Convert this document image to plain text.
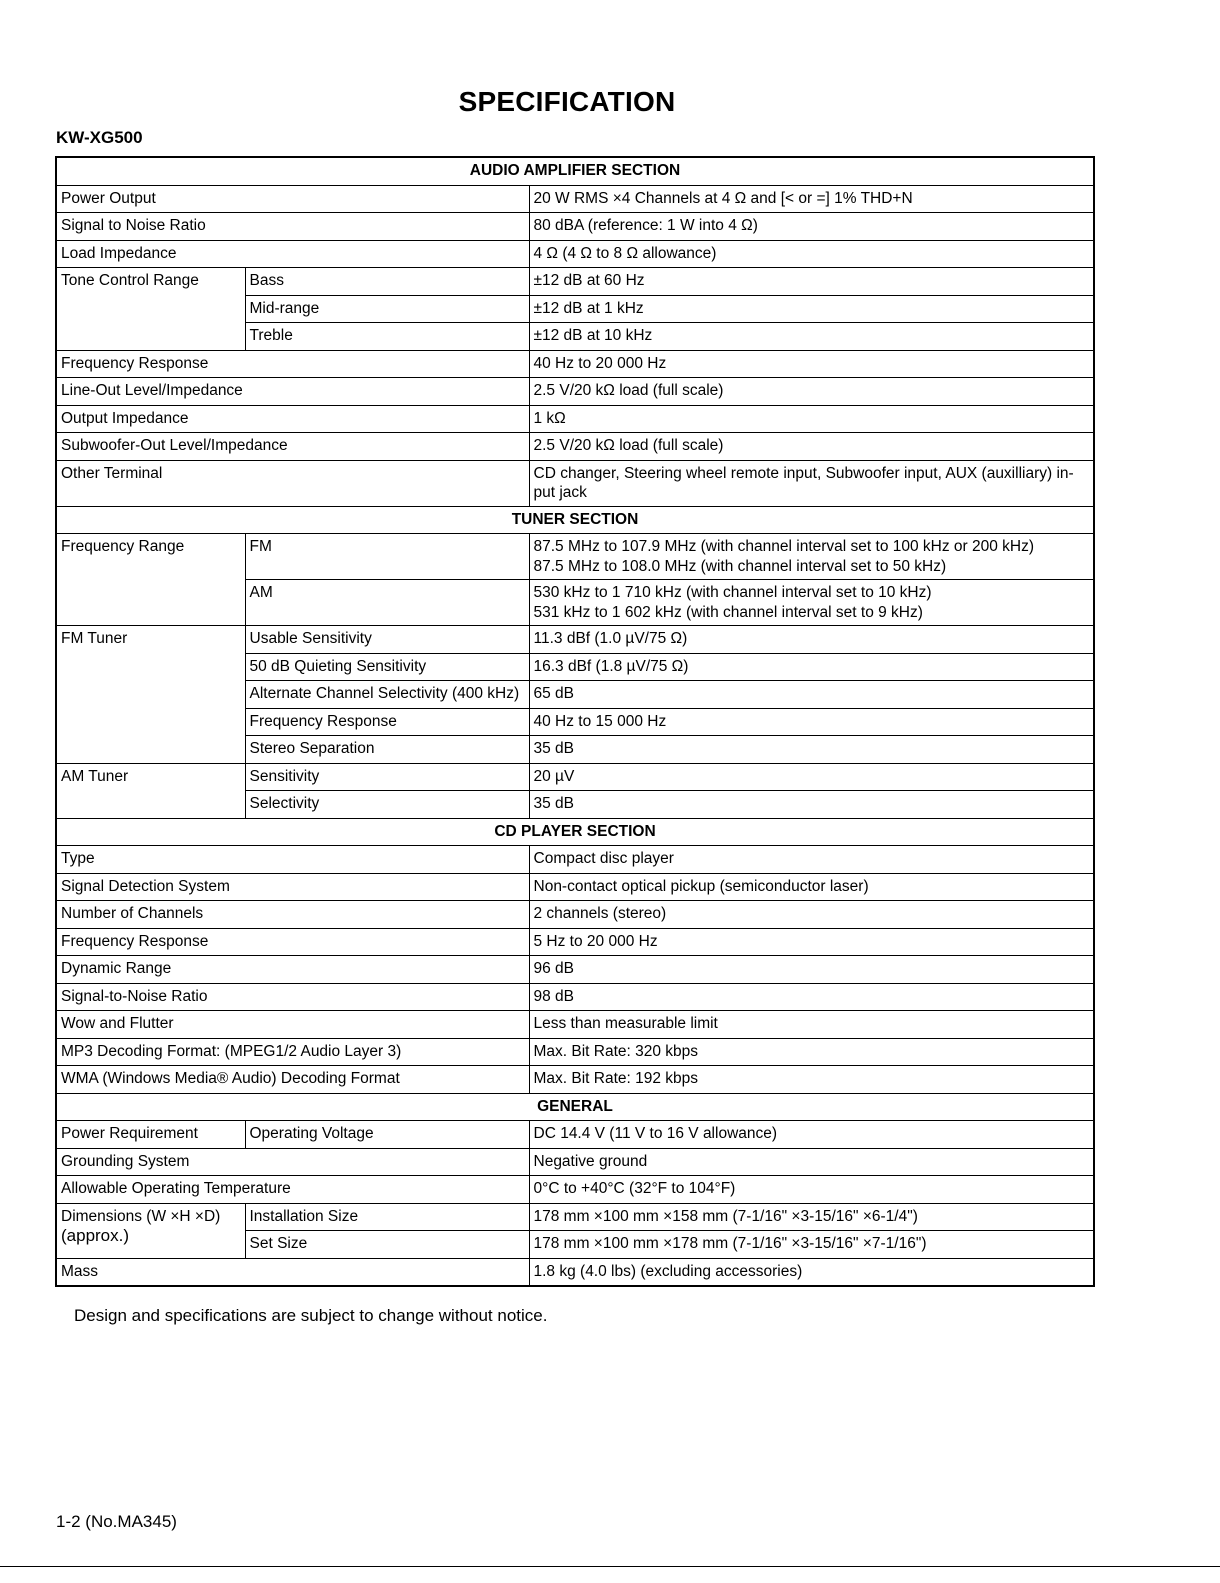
SPECIFICATION
KW-XG500
AUDIO AMPLIFIER SECTION		
Power Output		20 W RMS ×4 Channels at 4 Ω and [< or =] 1% THD+N
Signal to Noise Ratio		80 dBA (reference: 1 W into 4 Ω)
Load Impedance		4 Ω (4 Ω to 8 Ω allowance)
Tone Control Range	Bass	±12 dB at 60 Hz
	Mid-range	±12 dB at 1 kHz
	Treble	±12 dB at 10 kHz
Frequency Response		40 Hz to 20 000 Hz
Line-Out Level/Impedance		2.5 V/20 kΩ load (full scale)
Output Impedance		1 kΩ
Subwoofer-Out Level/Impedance		2.5 V/20 kΩ load (full scale)
Other Terminal		CD changer, Steering wheel remote input, Subwoofer input, AUX (auxilliary) in-put jack
TUNER SECTION		
Frequency Range	FM	87.5 MHz to 107.9 MHz (with channel interval set to 100 kHz or 200 kHz)
87.5 MHz to 108.0 MHz (with channel interval set to 50 kHz)

	AM	530 kHz to 1 710 kHz (with channel interval set to 10 kHz)
531 kHz to 1 602 kHz (with channel interval set to 9 kHz)

FM Tuner	Usable Sensitivity	11.3 dBf (1.0 µV/75 Ω)
	50 dB Quieting Sensitivity	16.3 dBf (1.8 µV/75 Ω)
	Alternate Channel Selectivity (400 kHz)	65 dB
	Frequency Response	40 Hz to 15 000 Hz
	Stereo Separation	35 dB
AM Tuner	Sensitivity	20 µV
	Selectivity	35 dB
CD PLAYER SECTION		
Type		Compact disc player
Signal Detection System		Non-contact optical pickup (semiconductor laser)
Number of Channels		2 channels (stereo)
Frequency Response		5 Hz to 20 000 Hz
Dynamic Range		96 dB
Signal-to-Noise Ratio		98 dB
Wow and Flutter		Less than measurable limit
MP3 Decoding Format: (MPEG1/2 Audio Layer 3)		Max. Bit Rate: 320 kbps
WMA (Windows Media® Audio) Decoding Format		Max. Bit Rate: 192 kbps
GENERAL		
Power Requirement	Operating Voltage	DC 14.4 V (11 V to 16 V allowance)
Grounding System		Negative ground
Allowable Operating Temperature		0°C to +40°C (32°F to 104°F)

Dimensions (W ×H ×D)
(approx.)	Installation Size	178 mm ×100 mm ×158 mm (7-1/16" ×3-15/16" ×6-1/4")
	Set Size	178 mm ×100 mm ×178 mm (7-1/16" ×3-15/16" ×7-1/16")
Mass		1.8 kg (4.0 lbs) (excluding accessories)
Design and specifications are subject to change without notice.
1-2 (No.MA345)
